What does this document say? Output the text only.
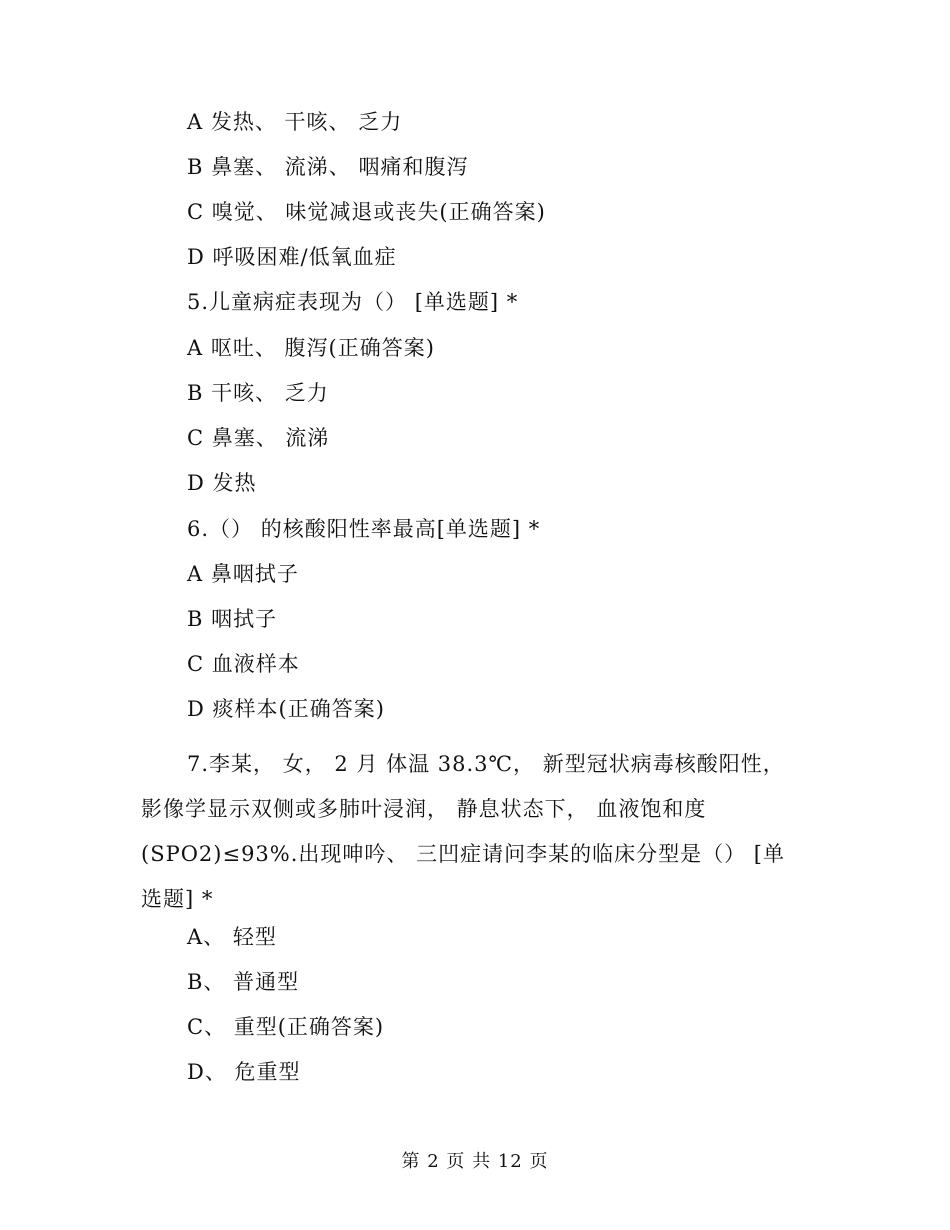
A 发热、 干咳、 乏力
B 鼻塞、 流涕、 咽痛和腹泻
C 嗅觉、 味觉减退或丧失(正确答案)
D 呼吸困难/低氧血症
5.儿童病症表现为（） [单选题] *
A 呕吐、 腹泻(正确答案)
B 干咳、 乏力
C 鼻塞、 流涕
D 发热
6.（） 的核酸阳性率最高[单选题] *
A 鼻咽拭子
B 咽拭子
C 血液样本
D 痰样本(正确答案)
7.李某， 女， 2 月 体温 38.3℃， 新型冠状病毒核酸阳性，影像学显示双侧或多肺叶浸润， 静息状态下， 血液饱和度(SPO2)≤93%.出现呻吟、 三凹症请问李某的临床分型是（） [单选题] *
A、 轻型
B、 普通型
C、 重型(正确答案)
D、 危重型
第 2 页 共 12 页
